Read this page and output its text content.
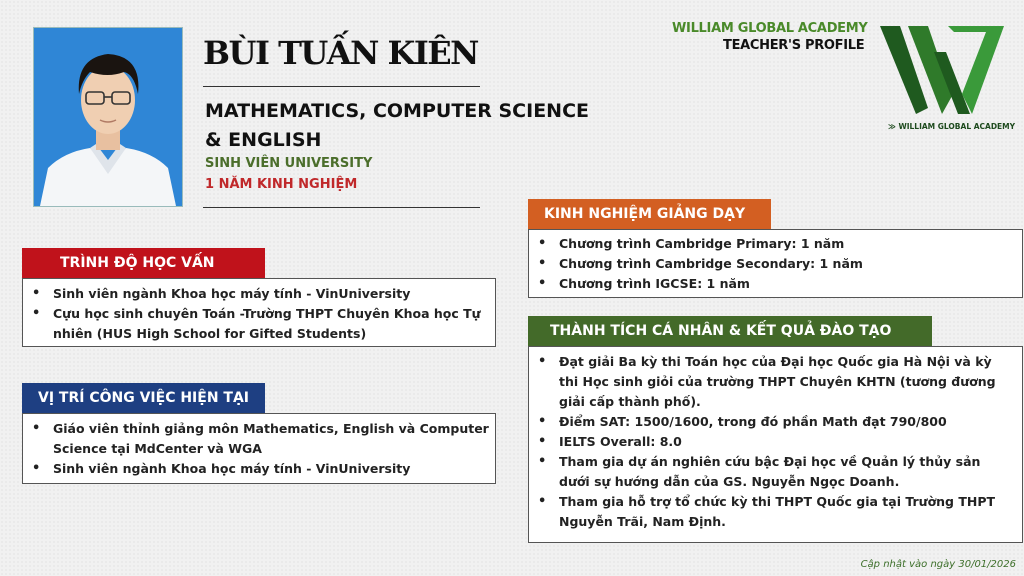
BÙI TUẤN KIÊN
MATHEMATICS, COMPUTER SCIENCE & ENGLISH
SINH VIÊN UNIVERSITY
1 NĂM KINH NGHIỆM
WILLIAM GLOBAL ACADEMY
TEACHER'S PROFILE
≫ WILLIAM GLOBAL ACADEMY
TRÌNH ĐỘ HỌC VẤN
• Sinh viên ngành Khoa học máy tính - VinUniversity
• Cựu học sinh chuyên Toán -Trường THPT Chuyên Khoa học Tự nhiên (HUS High School for Gifted Students)
VỊ TRÍ CÔNG VIỆC HIỆN TẠI
• Giáo viên thỉnh giảng môn Mathematics, English và Computer Science tại MdCenter và WGA
• Sinh viên ngành Khoa học máy tính - VinUniversity
KINH NGHIỆM GIẢNG DẠY
• Chương trình Cambridge Primary: 1 năm
• Chương trình Cambridge Secondary: 1 năm
• Chương trình IGCSE: 1 năm
THÀNH TÍCH CÁ NHÂN & KẾT QUẢ ĐÀO TẠO
• Đạt giải Ba kỳ thi Toán học của Đại học Quốc gia Hà Nội và kỳ thi Học sinh giỏi của trường THPT Chuyên KHTN (tương đương giải cấp thành phố).
• Điểm SAT: 1500/1600, trong đó phần Math đạt 790/800
• IELTS Overall: 8.0
• Tham gia dự án nghiên cứu bậc Đại học về Quản lý thủy sản dưới sự hướng dẫn của GS. Nguyễn Ngọc Doanh.
• Tham gia hỗ trợ tổ chức kỳ thi THPT Quốc gia tại Trường THPT Nguyễn Trãi, Nam Định.
Cập nhật vào ngày 30/01/2026
